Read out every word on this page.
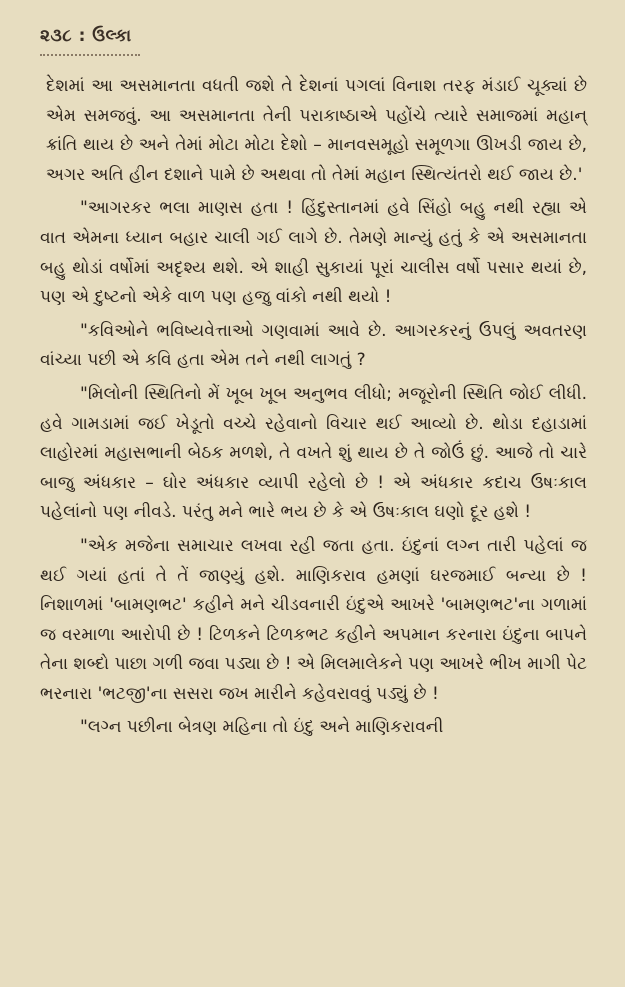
૨૩૮ : ઉલ્કા

દેશમાં આ અસમાનતા વધતી જશે તે દેશનાં પગલાં વિનાશ તરફ મંડાઈ ચૂક્યાં છે એમ સમજવું. આ અસમાનતા તેની પરાકાષ્ઠાએ પહોંચે ત્યારે સમાજમાં મહાન્ ક્રાંતિ થાય છે અને તેમાં મોટા મોટા દેશો – માનવસમૂહો સમૂળગા ઊખડી જાય છે, અગર અતિ હીન દશાને પામે છે અથવા તો તેમાં મહાન સ્થિત્યંતરો થઈ જાય છે.'

"આગરકર ભલા માણસ હતા ! હિંદુસ્તાનમાં હવે સિંહો બહુ નથી રહ્યા એ વાત એમના ધ્યાન બહાર ચાલી ગઈ લાગે છે. તેમણે માન્યું હતું કે એ અસમાનતા બહુ થોડાં વર્ષોમાં અદૃશ્ય થશે. એ શાહી સુકાયાં પૂરાં ચાલીસ વર્ષો પસાર થયાં છે, પણ એ દુષ્ટનો એકે વાળ પણ હજુ વાંકો નથી થયો !

"કવિઓને ભવિષ્યવેત્તાઓ ગણવામાં આવે છે. આગરકરનું ઉપલું અવતરણ વાંચ્યા પછી એ કવિ હતા એમ તને નથી લાગતું ?

"મિલોની સ્થિતિનો મેં ખૂબ ખૂબ અનુભવ લીધો; મજૂરોની સ્થિતિ જોઈ લીધી. હવે ગામડામાં જઈ ખેડૂતો વચ્ચે રહેવાનો વિચાર થઈ આવ્યો છે. થોડા દહાડામાં લાહોરમાં મહાસભાની બેઠક મળશે, તે વખતે શું થાય છે તે જોઉં છું. આજે તો ચારે બાજુ અંધકાર – ઘોર અંધકાર વ્યાપી રહેલો છે ! એ અંધકાર કદાચ ઉષઃકાલ પહેલાંનો પણ નીવડે. પરંતુ મને ભારે ભય છે કે એ ઉષઃકાલ ઘણો દૂર હશે !

"એક મજેના સમાચાર લખવા રહી જતા હતા. ઇંદુનાં લગ્ન તારી પહેલાં જ થઈ ગયાં હતાં તે તેં જાણ્યું હશે. માણિકરાવ હમણાં ઘરજમાઈ બન્યા છે ! નિશાળમાં 'બામણભટ' કહીને મને ચીડવનારી ઇંદુએ આખરે 'બામણભટ'ના ગળામાં જ વરમાળા આરોપી છે ! ટિળકને ટિળકભટ કહીને અપમાન કરનારા ઇંદુના બાપને તેના શબ્દો પાછા ગળી જવા પડ્યા છે ! એ મિલમાલેકને પણ આખરે ભીખ માગી પેટ ભરનારા 'ભટજી'ના સસરા જખ મારીને કહેવરાવવું પડ્યું છે !

"લગ્ન પછીના બેત્રણ મહિના તો ઇંદુ અને માણિકરાવની
